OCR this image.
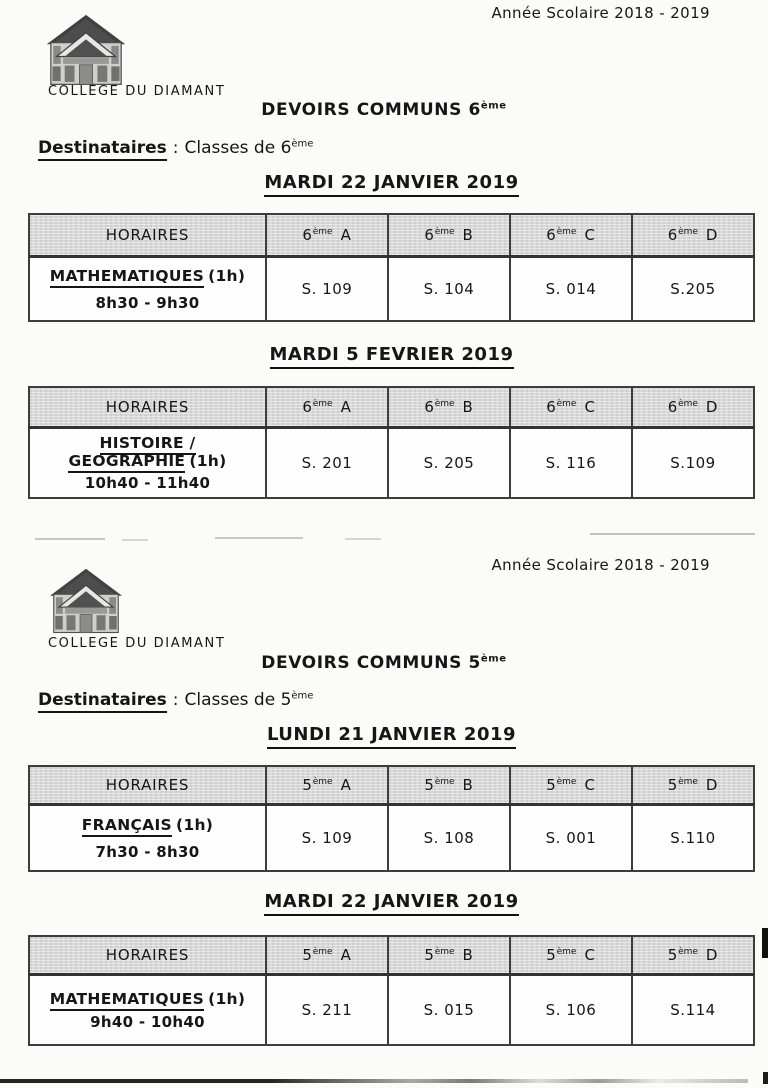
Année Scolaire 2018 - 2019
COLLEGE DU DIAMANT
DEVOIRS COMMUNS 6ème
Destinataires : Classes de 6ème
MARDI 22 JANVIER 2019
HORAIRES	6ème A	6ème B	6ème C	6ème D

MATHEMATIQUES (1h)
8h30 - 9h30	S. 109	S. 104	S. 014	S.205
MARDI 5 FEVRIER 2019
HORAIRES	6ème A	6ème B	6ème C	6ème D

HISTOIRE / GEOGRAPHIE (1h)
10h40 - 11h40	S. 201	S. 205	S. 116	S.109
Année Scolaire 2018 - 2019
COLLEGE DU DIAMANT
DEVOIRS COMMUNS 5ème
Destinataires : Classes de 5ème
LUNDI 21 JANVIER 2019
HORAIRES	5ème A	5ème B	5ème C	5ème D

FRANÇAIS (1h)
7h30 - 8h30	S. 109	S. 108	S. 001	S.110
MARDI 22 JANVIER 2019
HORAIRES	5ème A	5ème B	5ème C	5ème D

MATHEMATIQUES (1h)
9h40 - 10h40	S. 211	S. 015	S. 106	S.114
